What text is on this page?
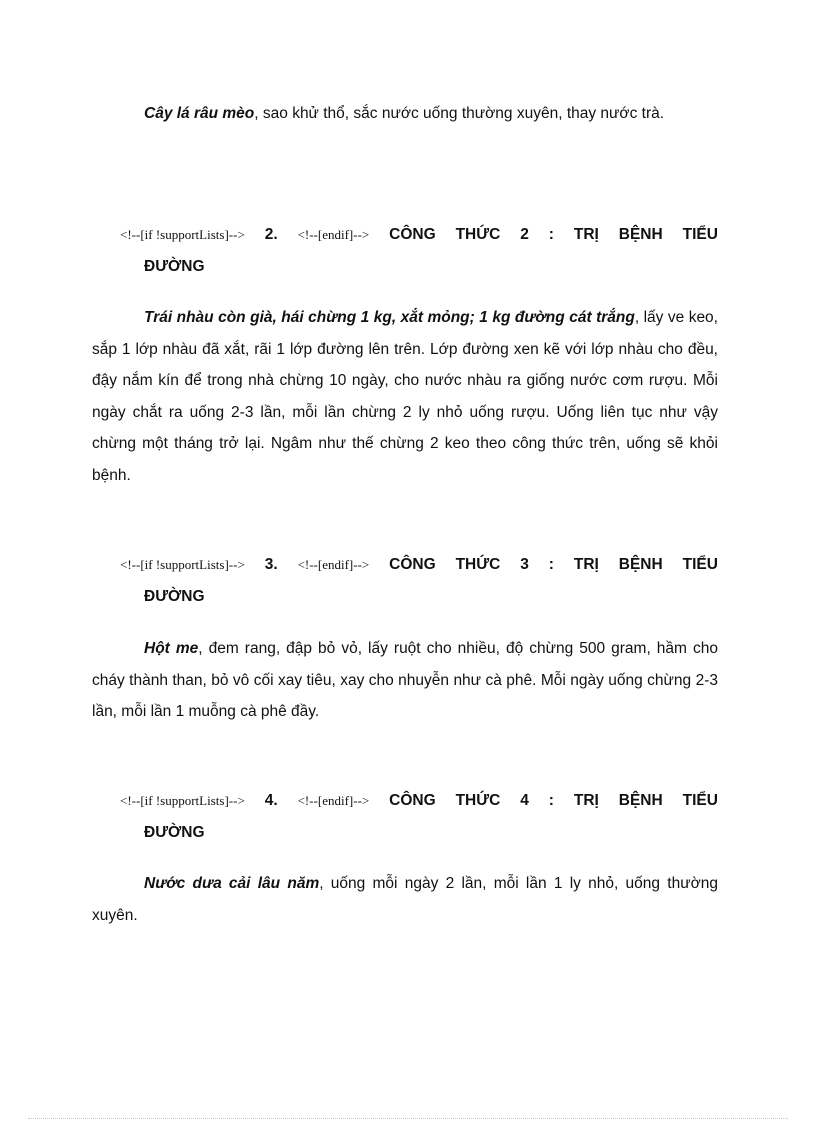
Cây lá râu mèo, sao khử thổ, sắc nước uống thường xuyên, thay nước trà.

<!--[if !supportLists]--> 2. <!--[endif]--> CÔNG THỨC 2 : TRỊ BỆNH TIỂU
ĐƯỜNG

Trái nhàu còn già, hái chừng 1 kg, xắt mỏng; 1 kg đường cát trắng, lấy ve keo, sắp 1 lớp nhàu đã xắt, rãi 1 lớp đường lên trên. Lớp đường xen kẽ với lớp nhàu cho đều, đậy nắm kín để trong nhà chừng 10 ngày, cho nước nhàu ra giống nước cơm rượu. Mỗi ngày chắt ra uống 2-3 lần, mỗi lần chừng 2 ly nhỏ uống rượu. Uống liên tục như vậy chừng một tháng trở lại. Ngâm như thế chừng 2 keo theo công thức trên, uống sẽ khỏi bệnh.

<!--[if !supportLists]--> 3. <!--[endif]--> CÔNG THỨC 3 : TRỊ BỆNH TIỂU
ĐƯỜNG

Hột me, đem rang, đập bỏ vỏ, lấy ruột cho nhiều, độ chừng 500 gram, hầm cho cháy thành than, bỏ vô cối xay tiêu, xay cho nhuyễn như cà phê. Mỗi ngày uống chừng 2-3 lần, mỗi lần 1 muỗng cà phê đầy.

<!--[if !supportLists]--> 4. <!--[endif]--> CÔNG THỨC 4 : TRỊ BỆNH TIỂU
ĐƯỜNG

Nước dưa cải lâu năm, uống mỗi ngày 2 lần, mỗi lần 1 ly nhỏ, uống thường xuyên.
